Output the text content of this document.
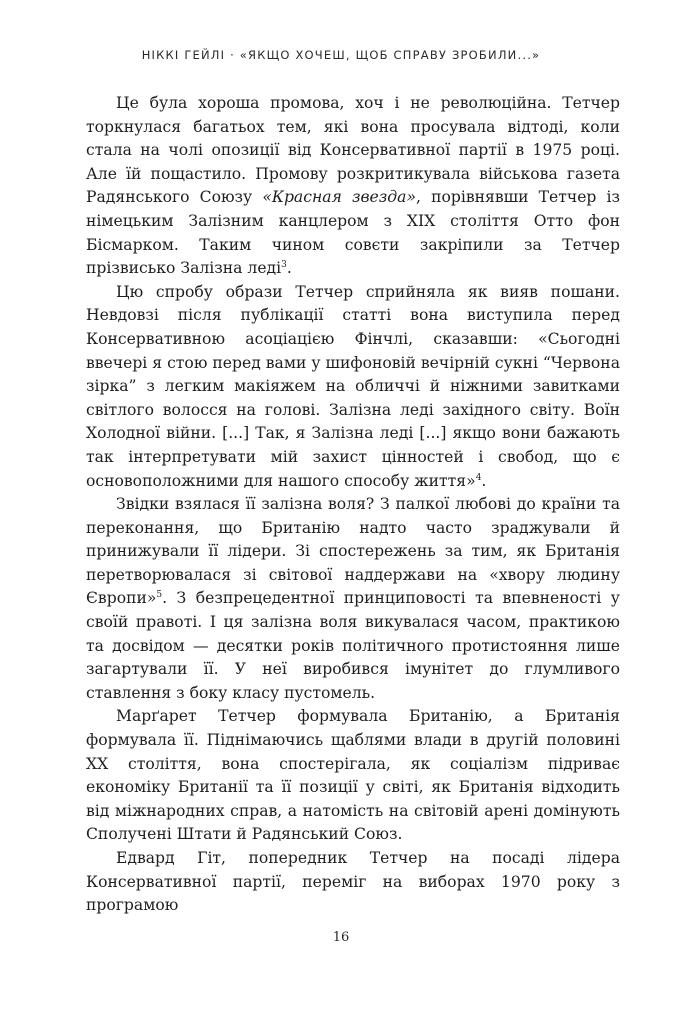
НІККІ ГЕЙЛІ · «ЯКЩО ХОЧЕШ, ЩОБ СПРАВУ ЗРОБИЛИ...»

Це була хороша промова, хоч і не революційна. Тетчер торкнулася багатьох тем, які вона просувала відтоді, коли стала на чолі опозиції від Консервативної партії в 1975 році. Але їй пощастило. Промову розкритикувала військова газета Радянського Союзу «Красная звезда», порівнявши Тетчер із німецьким Залізним канцлером з XIX століття Отто фон Бісмарком. Таким чином совєти закріпили за Тетчер прізвисько Залізна леді$^3$.

Цю спробу образи Тетчер сприйняла як вияв пошани. Невдовзі після публікації статті вона виступила перед Консервативною асоціацією Фінчлі, сказавши: «Сьогодні ввечері я стою перед вами у шифоновій вечірній сукні “Червона зірка” з легким макіяжем на обличчі й ніжними завитками світлого волосся на голові. Залізна леді західного світу. Воїн Холодної війни. [...] Так, я Залізна леді [...] якщо вони бажають так інтерпретувати мій захист цінностей і свобод, що є основоположними для нашого способу життя»$^4$.

Звідки взялася її залізна воля? З палкої любові до країни та переконання, що Британію надто часто зраджували й принижували її лідери. Зі спостережень за тим, як Британія перетворювалася зі світової наддержави на «хвору людину Європи»$^5$. З безпрецедентної принциповості та впевненості у своїй правоті. І ця залізна воля викувалася часом, практикою та досвідом — десятки років політичного протистояння лише загартували її. У неї виробився імунітет до глумливого ставлення з боку класу пустомель.

Марґарет Тетчер формувала Британію, а Британія формувала її. Піднімаючись щаблями влади в другій половині XX століття, вона спостерігала, як соціалізм підриває економіку Британії та її позиції у світі, як Британія відходить від міжнародних справ, а натомість на світовій арені домінують Сполучені Штати й Радянський Союз.

Едвард Гіт, попередник Тетчер на посаді лідера Консервативної партії, переміг на виборах 1970 року з програмою

16
